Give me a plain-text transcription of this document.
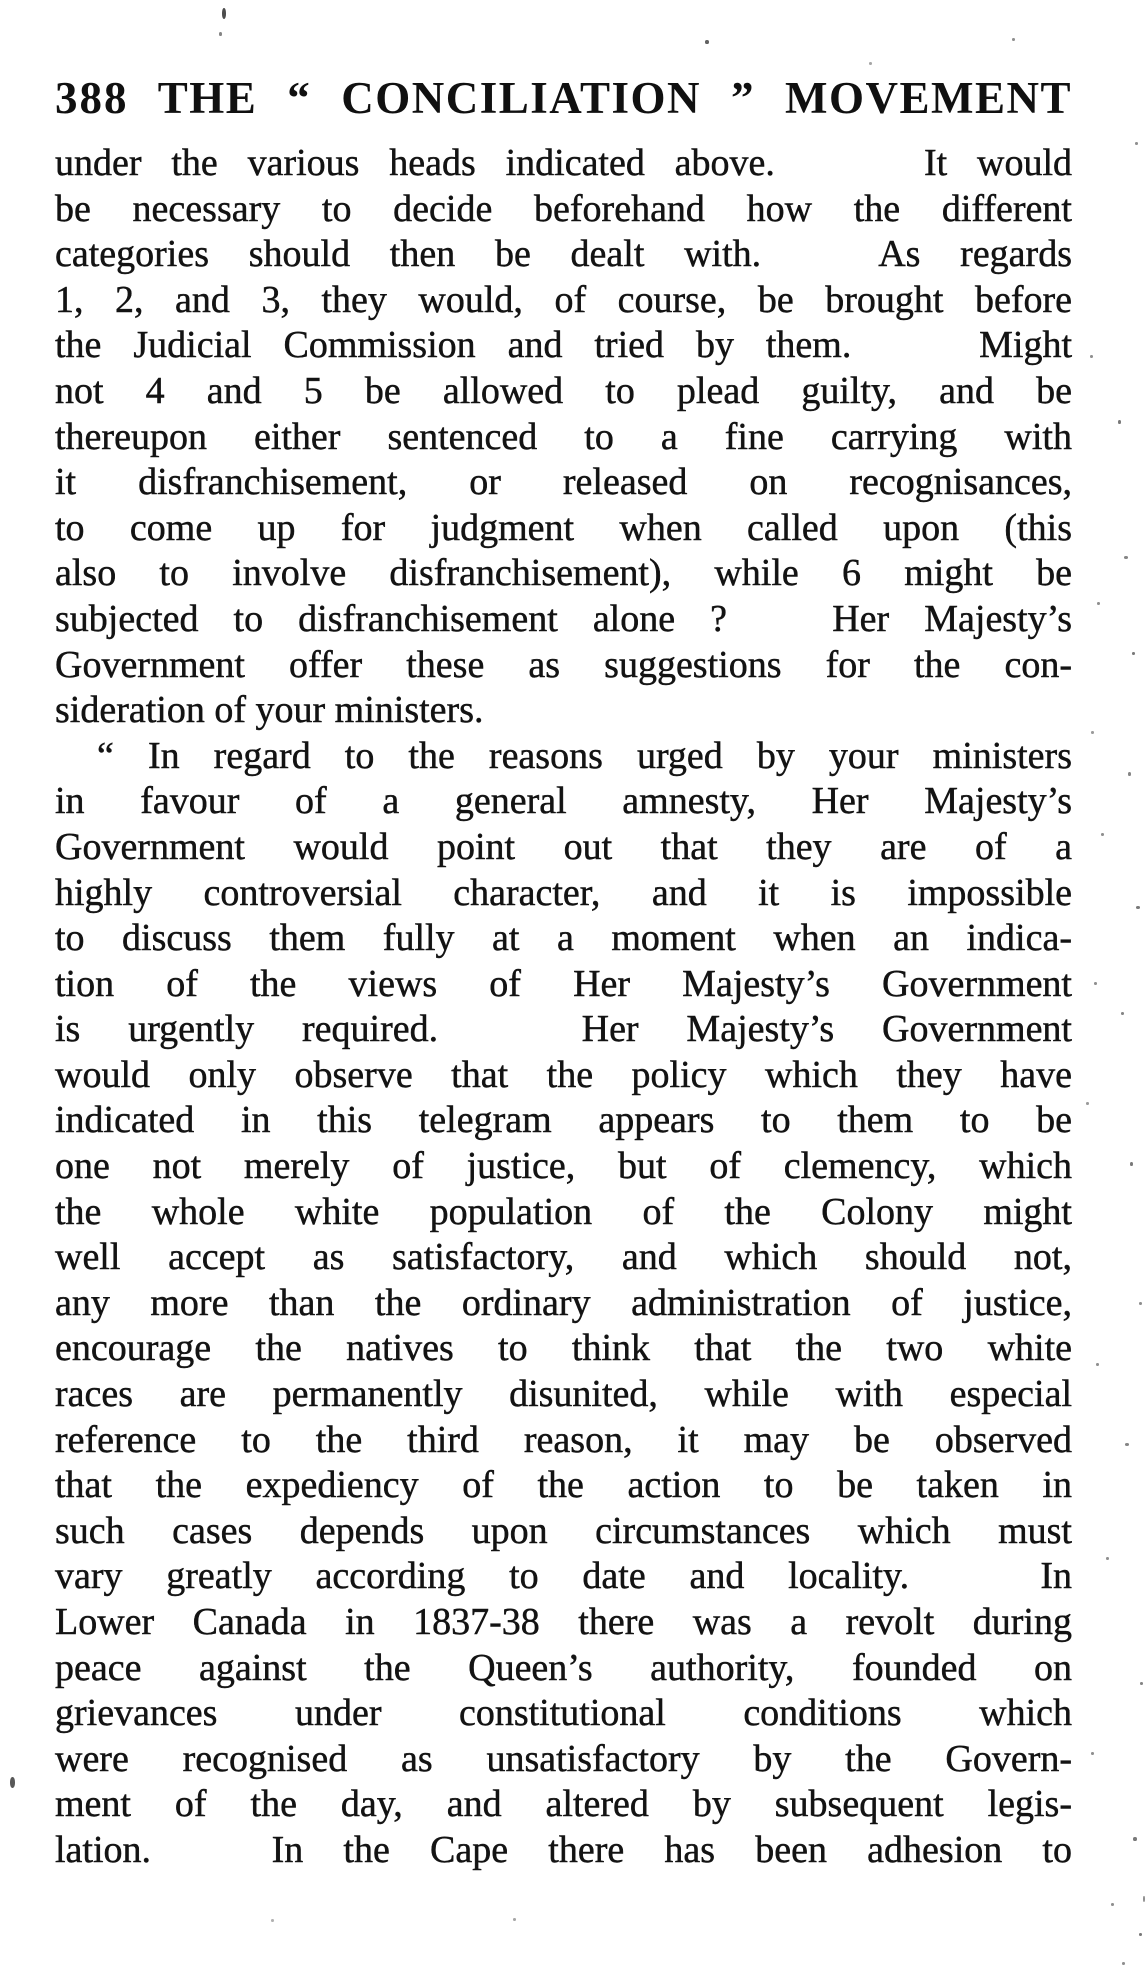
388 THE “ CONCILIATION ” MOVEMENT
under the various heads indicated above.     It would
be necessary to decide beforehand how the different
categories should then be dealt with.   As regards
1, 2, and 3, they would, of course, be brought before
the Judicial Commission and tried by them.    Might
not 4 and 5 be allowed to plead guilty, and be
thereupon either sentenced to a fine carrying with
it disfranchisement, or released on recognisances,
to come up for judgment when called upon (this
also to involve disfranchisement), while 6 might be
subjected to disfranchisement alone ?   Her Majesty’s
Government offer these as suggestions for the con-
sideration of your ministers.
“ In regard to the reasons urged by your ministers
in favour of a general amnesty, Her Majesty’s
Government would point out that they are of a
highly controversial character, and it is impossible
to discuss them fully at a moment when an indica-
tion of the views of Her Majesty’s Government
is urgently required.   Her Majesty’s Government
would only observe that the policy which they have
indicated in this telegram appears to them to be
one not merely of justice, but of clemency, which
the whole white population of the Colony might
well accept as satisfactory, and which should not,
any more than the ordinary administration of justice,
encourage the natives to think that the two white
races are permanently disunited, while with especial
reference to the third reason, it may be observed
that the expediency of the action to be taken in
such cases depends upon circumstances which must
vary greatly according to date and locality.   In
Lower Canada in 1837-38 there was a revolt during
peace against the Queen’s authority, founded on
grievances under constitutional conditions which
were recognised as unsatisfactory by the Govern-
ment of the day, and altered by subsequent legis-
lation.   In the Cape there has been adhesion to
